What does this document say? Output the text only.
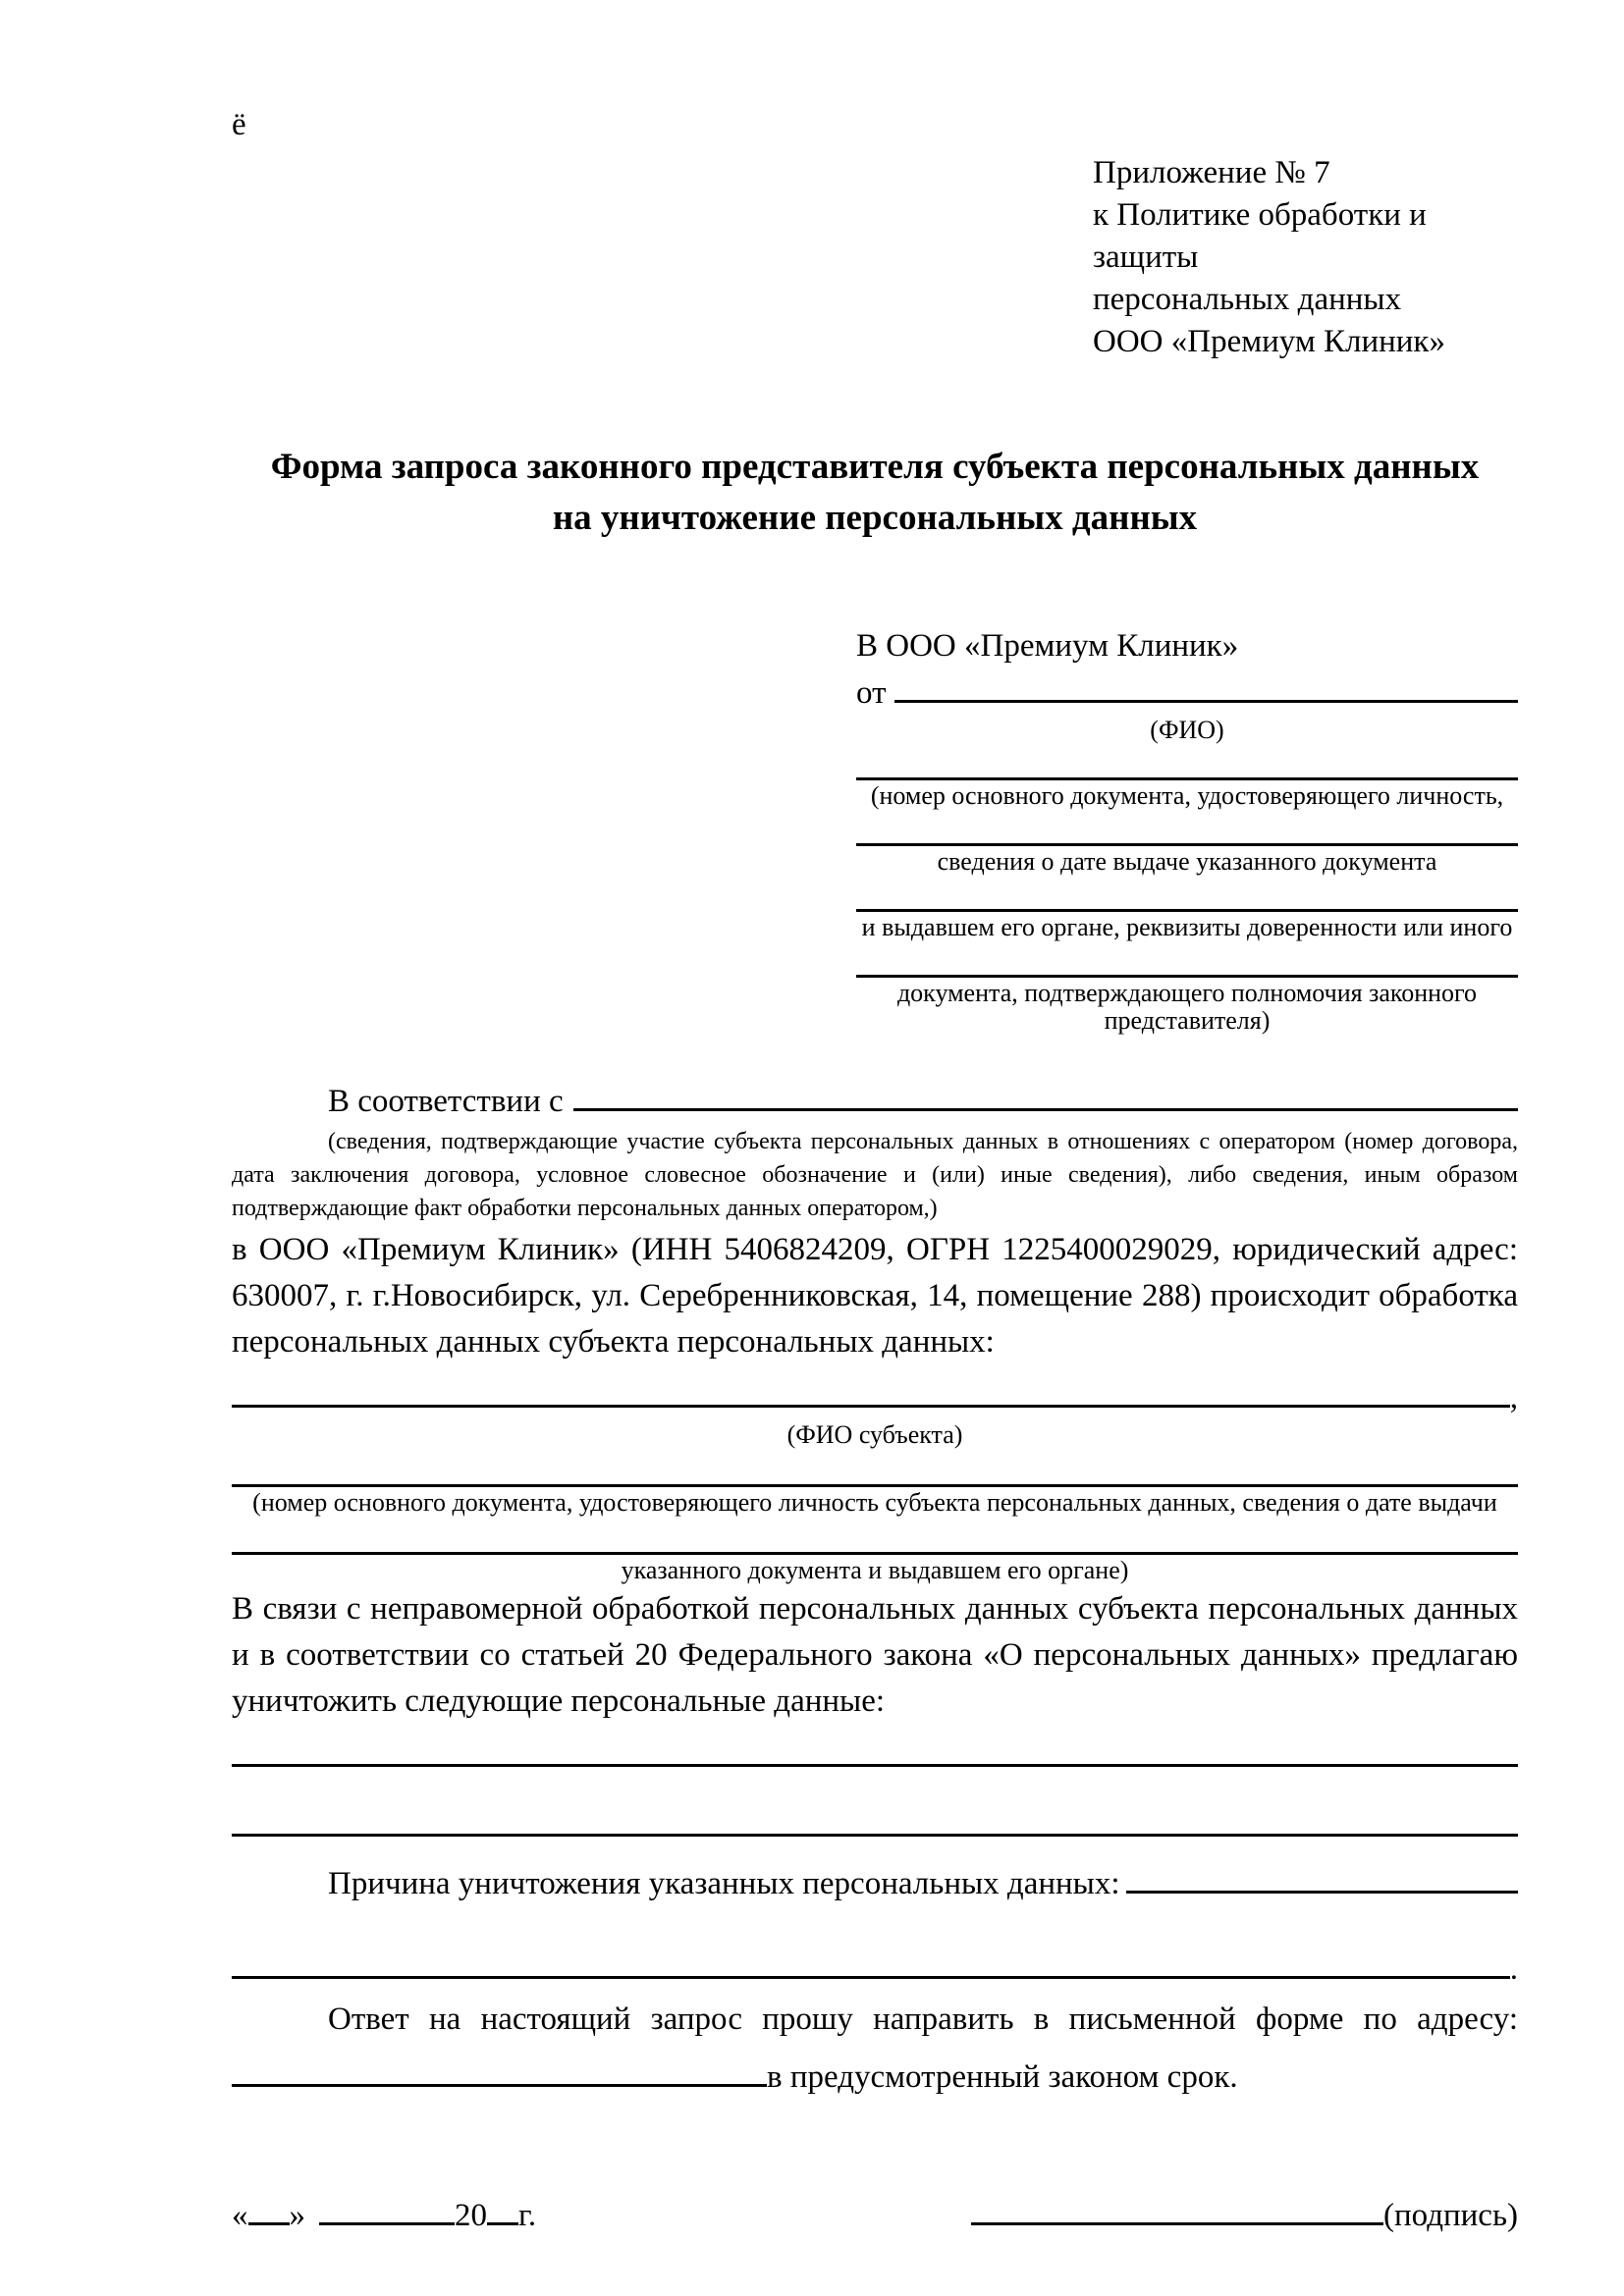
ё
Приложение № 7
к Политике обработки и защиты
персональных данных
ООО «Премиум Клиник»
Форма запроса законного представителя субъекта персональных данных
на уничтожение персональных данных
В ООО «Премиум Клиник»
от
(ФИО)
(номер основного документа, удостоверяющего личность,
сведения о дате выдаче указанного документа
и выдавшем его органе, реквизиты доверенности или иного
документа, подтверждающего полномочия законного представителя)
В соответствии с
(сведения, подтверждающие участие субъекта персональных данных в отношениях с оператором (номер договора, дата заключения договора, условное словесное обозначение и (или) иные сведения), либо сведения, иным образом подтверждающие факт обработки персональных данных оператором,)
в ООО «Премиум Клиник» (ИНН 5406824209, ОГРН 1225400029029, юридический адрес: 630007, г. г.Новосибирск, ул. Серебренниковская, 14, помещение 288) происходит обработка персональных данных субъекта персональных данных:
,
(ФИО субъекта)
(номер основного документа, удостоверяющего личность субъекта персональных данных, сведения о дате выдачи
указанного документа и выдавшем его органе)
В связи с неправомерной обработкой персональных данных субъекта персональных данных и в соответствии со статьей 20 Федерального закона «О персональных данных» предлагаю уничтожить следующие персональные данные:
Причина уничтожения указанных персональных данных:
.
Ответ на настоящий запрос прошу направить в письменной форме по адресу:
в предусмотренный законом срок.
« »	20 г.	(подпись)
